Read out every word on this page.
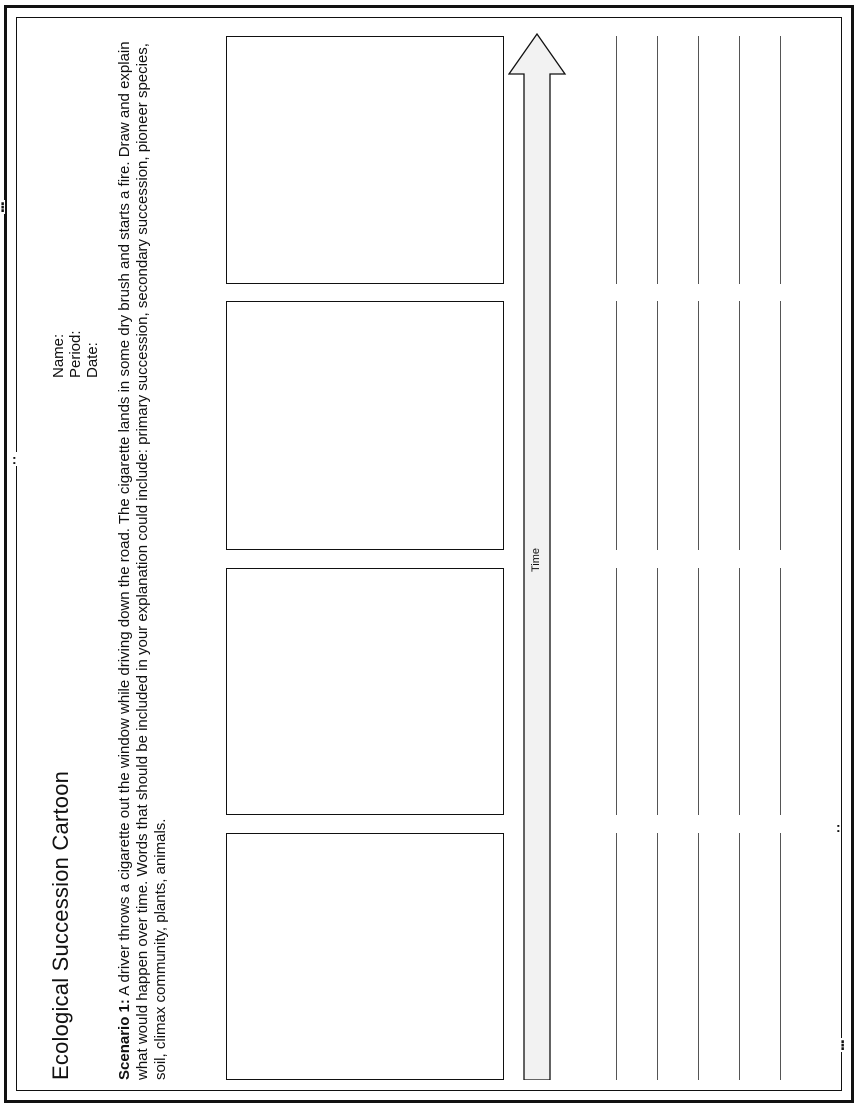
⁝
:
:
⁝
Ecological Succession Cartoon
Name: Period: Date:
Scenario 1: A driver throws a cigarette out the window while driving down the road. The cigarette lands in some dry brush and starts a fire. Draw and explain what would happen over time. Words that should be included in your explanation could include: primary succession, secondary succession, pioneer species, soil, climax community, plants, animals.
Time
